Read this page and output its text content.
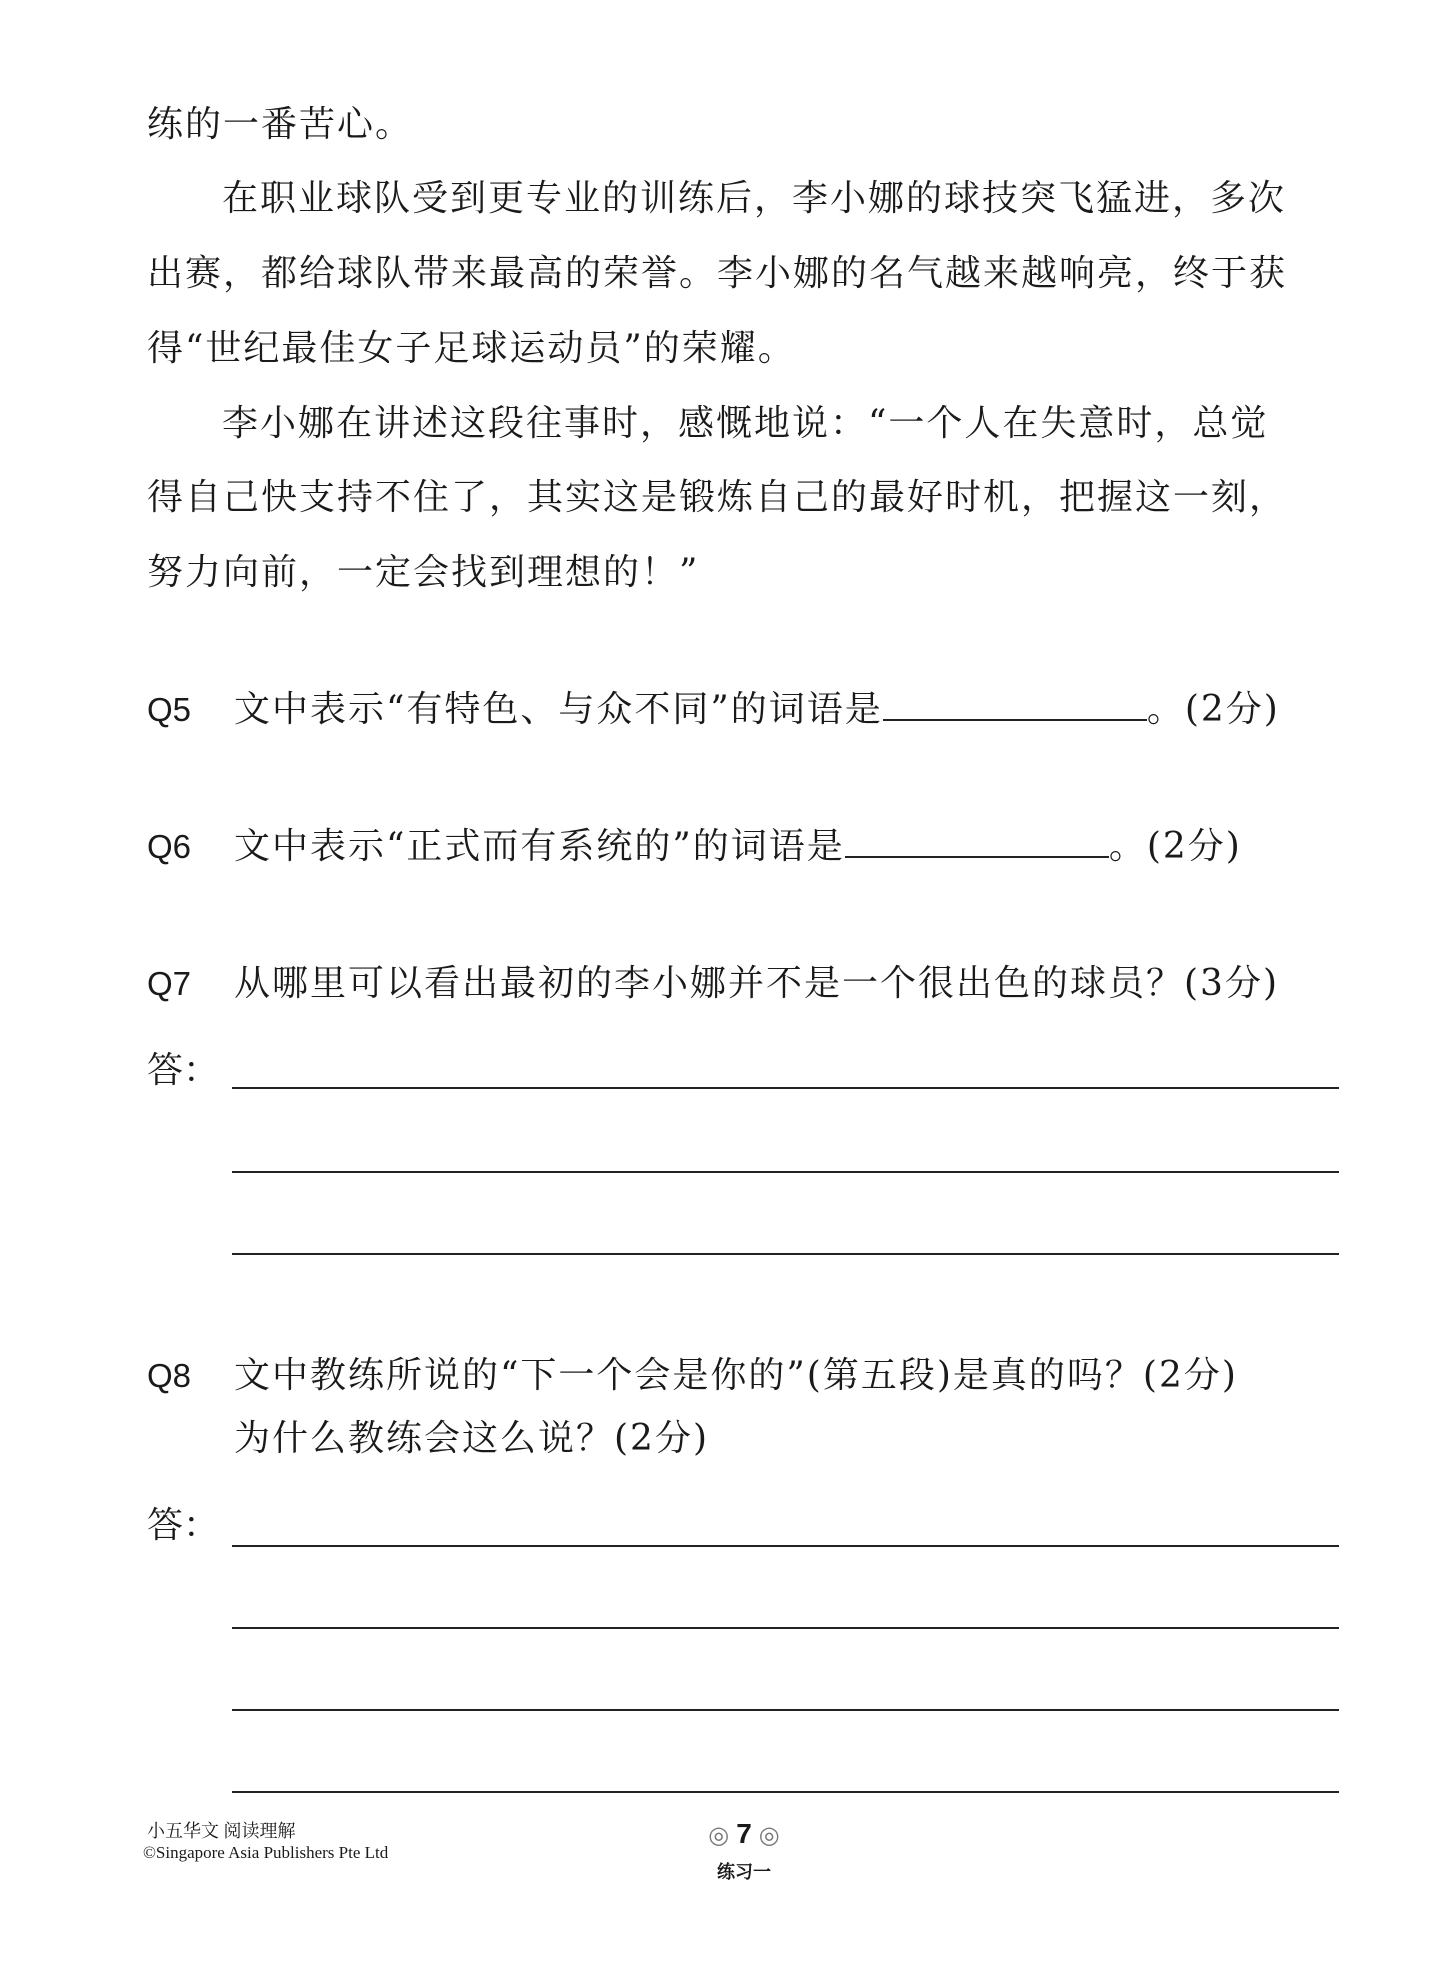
练的一番苦心。
在职业球队受到更专业的训练后，李小娜的球技突飞猛进，多次
出赛，都给球队带来最高的荣誉。李小娜的名气越来越响亮，终于获
得“世纪最佳女子足球运动员”的荣耀。
李小娜在讲述这段往事时，感慨地说：“一个人在失意时，总觉
得自己快支持不住了，其实这是锻炼自己的最好时机，把握这一刻，
努力向前，一定会找到理想的！”
Q5 文中表示“有特色、与众不同”的词语是	。(2分)
Q6 文中表示“正式而有系统的”的词语是	。(2分)
Q7 从哪里可以看出最初的李小娜并不是一个很出色的球员？(3分)
答：
Q8 文中教练所说的“下一个会是你的”(第五段)是真的吗？(2分)
为什么教练会这么说？(2分)
答：
小五华文 阅读理解
©Singapore Asia Publishers Pte Ltd
◎ 7 ◎
练习一
